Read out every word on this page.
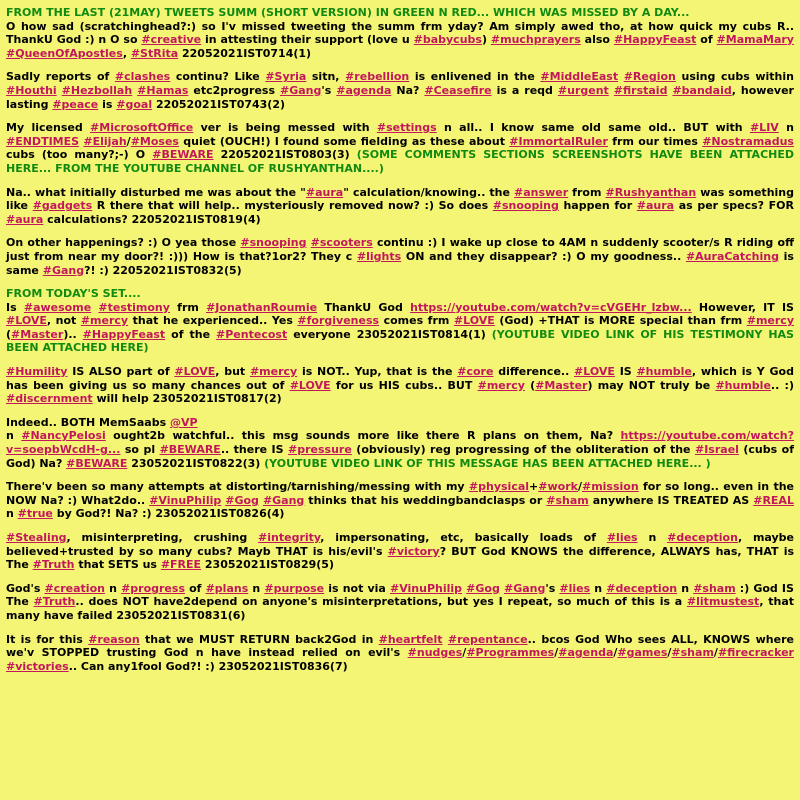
FROM THE LAST (21MAY) TWEETS SUMM (SHORT VERSION) IN GREEN N RED... WHICH WAS MISSED BY A DAY...
O how sad (scratchinghead?:) so I'v missed tweeting the summ frm yday? Am simply awed tho, at how quick my cubs R.. ThankU God :) n O so #creative in attesting their support (love u #babycubs) #muchprayers also #HappyFeast of #MamaMary #QueenOfApostles, #StRita 22052021IST0714(1)

Sadly reports of #clashes continu? Like #Syria sitn, #rebellion is enlivened in the #MiddleEast #Region using cubs within #Houthi #Hezbollah #Hamas etc2progress #Gang's #agenda Na? #Ceasefire is a reqd #urgent #firstaid #bandaid, however lasting #peace is #goal 22052021IST0743(2)

My licensed #MicrosoftOffice ver is being messed with #settings n all.. I know same old same old.. BUT with #LIV n #ENDTIMES #Elijah/#Moses quiet (OUCH!) I found some fielding as these about #ImmortalRuler frm our times #Nostramadus cubs (too many?;-) O #BEWARE 22052021IST0803(3) (SOME COMMENTS SECTIONS SCREENSHOTS HAVE BEEN ATTACHED HERE... FROM THE YOUTUBE CHANNEL OF RUSHYANTHAN....)

Na.. what initially disturbed me was about the "#aura" calculation/knowing.. the #answer from #Rushyanthan was something like #gadgets R there that will help.. mysteriously removed now? :) So does #snooping happen for #aura as per specs? FOR #aura calculations? 22052021IST0819(4)

On other happenings? :) O yea those #snooping #scooters continu :) I wake up close to 4AM n suddenly scooter/s R riding off just from near my door?! :))) How is that?1or2? They c #lights ON and they disappear? :) O my goodness.. #AuraCatching is same #Gang?! :) 22052021IST0832(5)

FROM TODAY'S SET....
Is #awesome #testimony frm #JonathanRoumie ThankU God https://youtube.com/watch?v=cVGEHr_lzbw... However, IT IS #LOVE, not #mercy that he experienced.. Yes #forgiveness comes frm #LOVE (God) +THAT is MORE special than frm #mercy (#Master).. #HappyFeast of the #Pentecost everyone 23052021IST0814(1) (YOUTUBE VIDEO LINK OF HIS TESTIMONY HAS BEEN ATTACHED HERE)

#Humility IS ALSO part of #LOVE, but #mercy is NOT.. Yup, that is the #core difference.. #LOVE IS #humble, which is Y God has been giving us so many chances out of #LOVE for us HIS cubs.. BUT #mercy (#Master) may NOT truly be #humble.. :) #discernment will help 23052021IST0817(2)

Indeed.. BOTH MemSaabs @VP
n #NancyPelosi ought2b watchful.. this msg sounds more like there R plans on them, Na? https://youtube.com/watch?v=soepbWcdH-g... so pl #BEWARE.. there IS #pressure (obviously) reg progressing of the obliteration of the #Israel (cubs of God) Na? #BEWARE 23052021IST0822(3) (YOUTUBE VIDEO LINK OF THIS MESSAGE HAS BEEN ATTACHED HERE... )

There'v been so many attempts at distorting/tarnishing/messing with my #physical+#work/#mission for so long.. even in the NOW Na? :) What2do.. #VinuPhilip #Gog #Gang thinks that his weddingbandclasps or #sham anywhere IS TREATED AS #REAL n #true by God?! Na? :) 23052021IST0826(4)

#Stealing, misinterpreting, crushing #integrity, impersonating, etc, basically loads of #lies n #deception, maybe believed+trusted by so many cubs? Mayb THAT is his/evil's #victory? BUT God KNOWS the difference, ALWAYS has, THAT is The #Truth that SETS us #FREE 23052021IST0829(5)

God's #creation n #progress of #plans n #purpose is not via #VinuPhilip #Gog #Gang's #lies n #deception n #sham :) God IS The #Truth.. does NOT have2depend on anyone's misinterpretations, but yes I repeat, so much of this is a #litmustest, that many have failed 23052021IST0831(6)

It is for this #reason that we MUST RETURN back2God in #heartfelt #repentance.. bcos God Who sees ALL, KNOWS where we'v STOPPED trusting God n have instead relied on evil's #nudges/#Programmes/#agenda/#games/#sham/#firecracker #victories.. Can any1fool God?! :) 23052021IST0836(7)
